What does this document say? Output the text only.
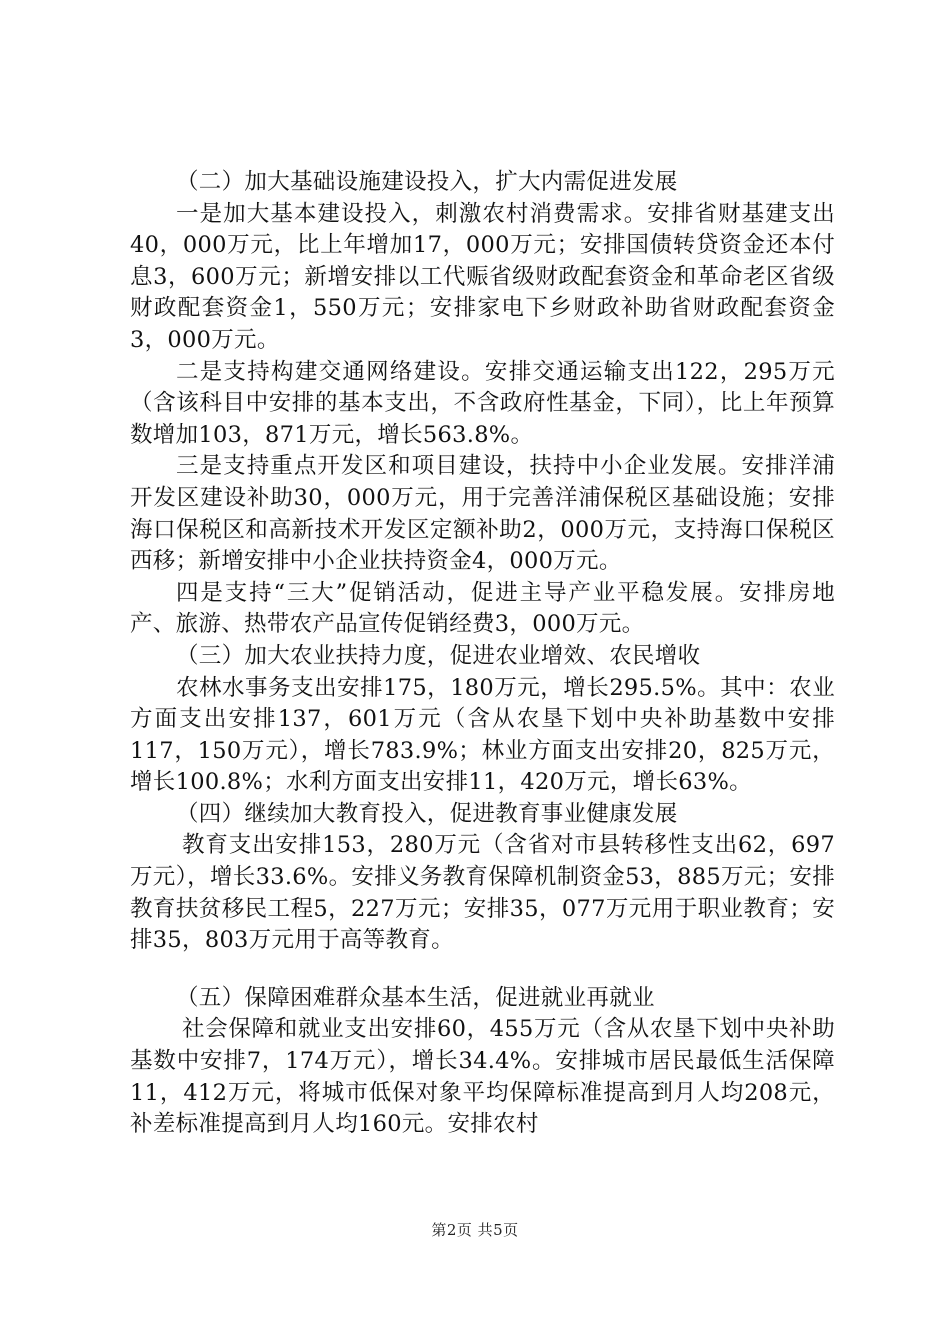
（二）加大基础设施建设投入，扩大内需促进发展

一是加大基本建设投入，刺激农村消费需求。安排省财基建支出40，000万元，比上年增加17，000万元；安排国债转贷资金还本付息3，600万元；新增安排以工代赈省级财政配套资金和革命老区省级财政配套资金1，550万元；安排家电下乡财政补助省财政配套资金3，000万元。

二是支持构建交通网络建设。安排交通运输支出122，295万元（含该科目中安排的基本支出，不含政府性基金，下同），比上年预算数增加103，871万元，增长563.8%。

三是支持重点开发区和项目建设，扶持中小企业发展。安排洋浦开发区建设补助30，000万元，用于完善洋浦保税区基础设施；安排海口保税区和高新技术开发区定额补助2，000万元，支持海口保税区西移；新增安排中小企业扶持资金4，000万元。

四是支持“三大”促销活动，促进主导产业平稳发展。安排房地产、旅游、热带农产品宣传促销经费3，000万元。

（三）加大农业扶持力度，促进农业增效、农民增收

农林水事务支出安排175，180万元，增长295.5%。其中：农业方面支出安排137，601万元（含从农垦下划中央补助基数中安排117，150万元），增长783.9%；林业方面支出安排20，825万元，增长100.8%；水利方面支出安排11，420万元，增长63%。

（四）继续加大教育投入，促进教育事业健康发展

教育支出安排153，280万元（含省对市县转移性支出62，697万元），增长33.6%。安排义务教育保障机制资金53，885万元；安排教育扶贫移民工程5，227万元；安排35，077万元用于职业教育；安排35，803万元用于高等教育。

（五）保障困难群众基本生活，促进就业再就业

社会保障和就业支出安排60，455万元（含从农垦下划中央补助基数中安排7，174万元），增长34.4%。安排城市居民最低生活保障11，412万元，将城市低保对象平均保障标准提高到月人均208元，补差标准提高到月人均160元。安排农村

第2页 共5页
